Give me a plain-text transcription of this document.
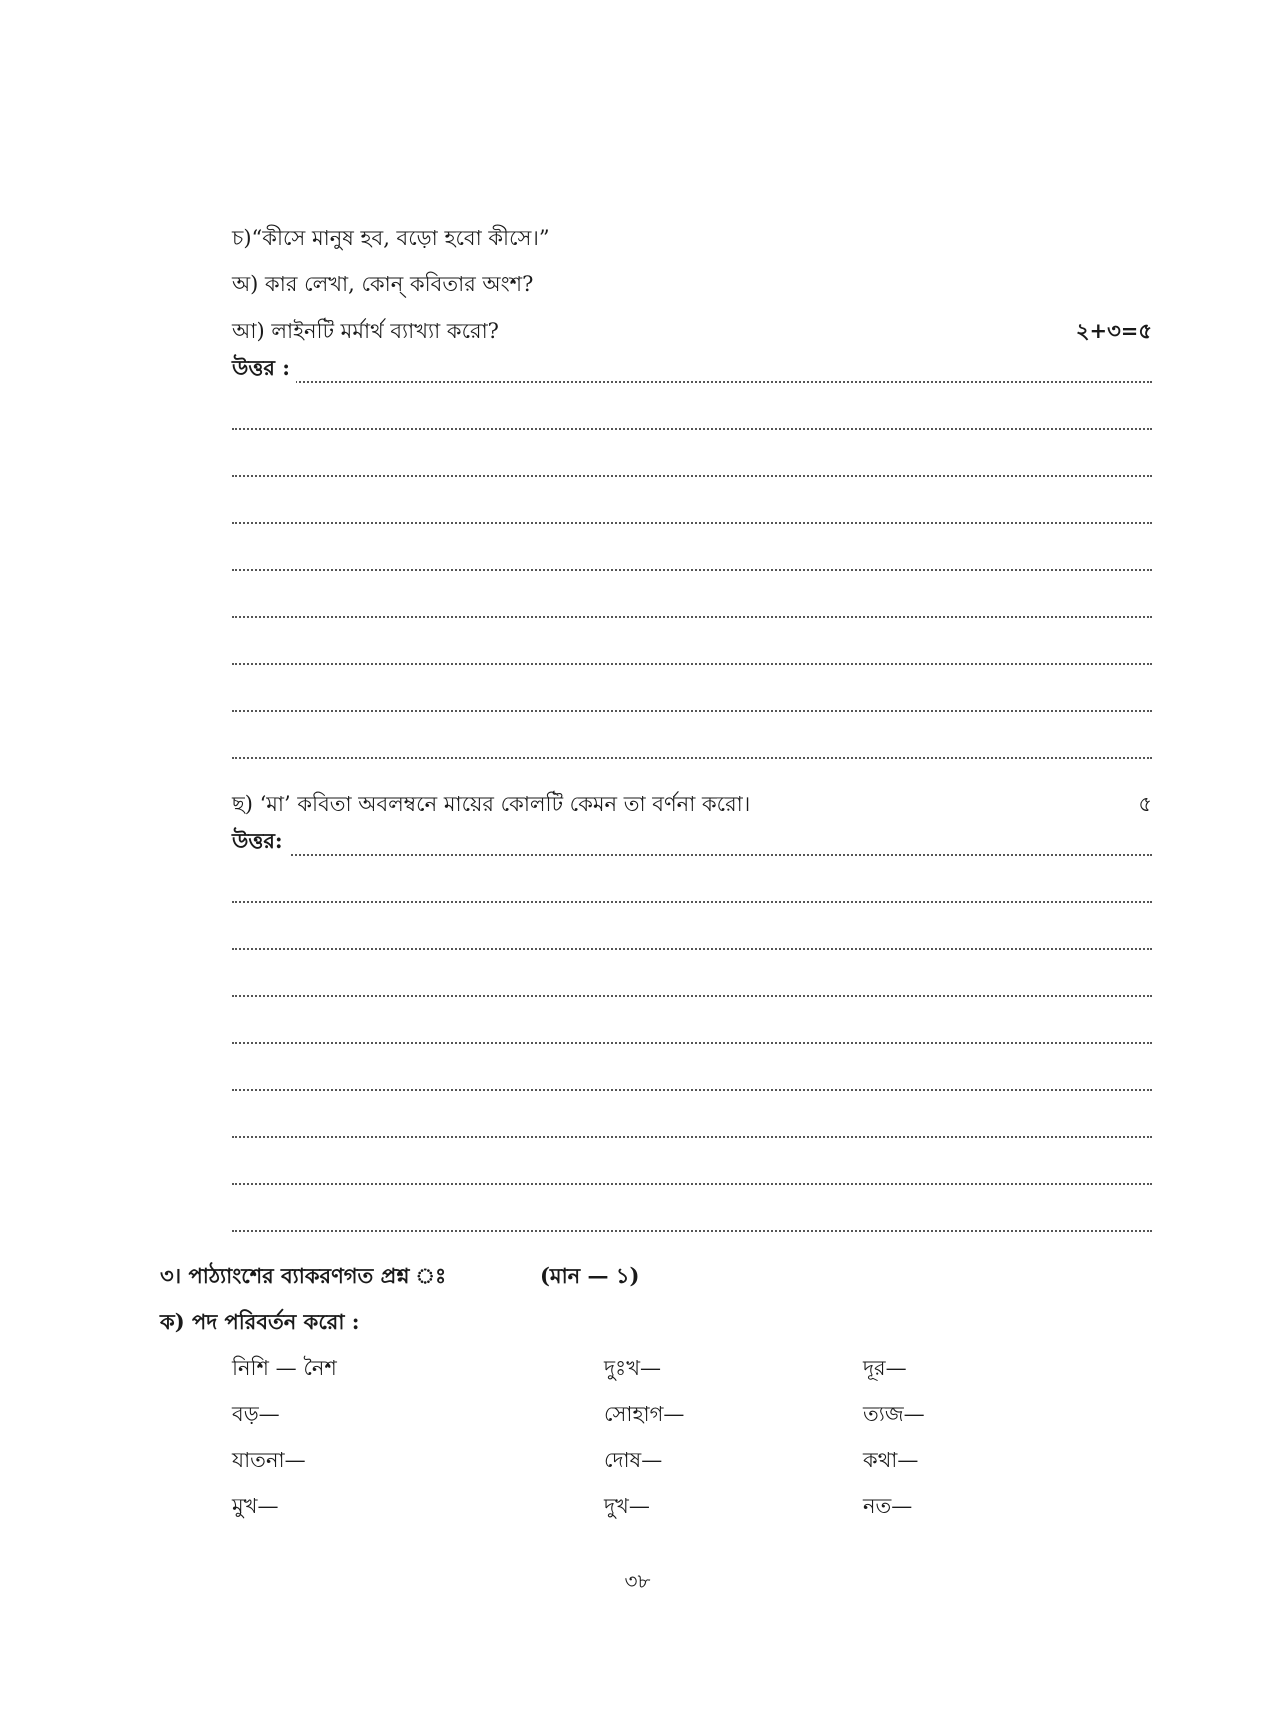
চ)“কীসে মানুষ হব, বড়ো হবো কীসে।”
অ) কার লেখা, কোন্ কবিতার অংশ?
আ) লাইনটি মর্মার্থ ব্যাখ্যা করো?	২+৩=৫
উত্তর :
ছ) ‘মা’ কবিতা অবলম্বনে মায়ের কোলটি কেমন তা বর্ণনা করো।	৫
উত্তর:
৩। পাঠ্যাংশের ব্যাকরণগত প্রশ্ন ঃ	(মান — ১)
ক) পদ পরিবর্তন করো :
নিশি — নৈশ	দুঃখ—	দূর—
বড়—	সোহাগ—	ত্যজ—
যাতনা—	দোষ—	কথা—
মুখ—	দুখ—	নত—
৩৮
